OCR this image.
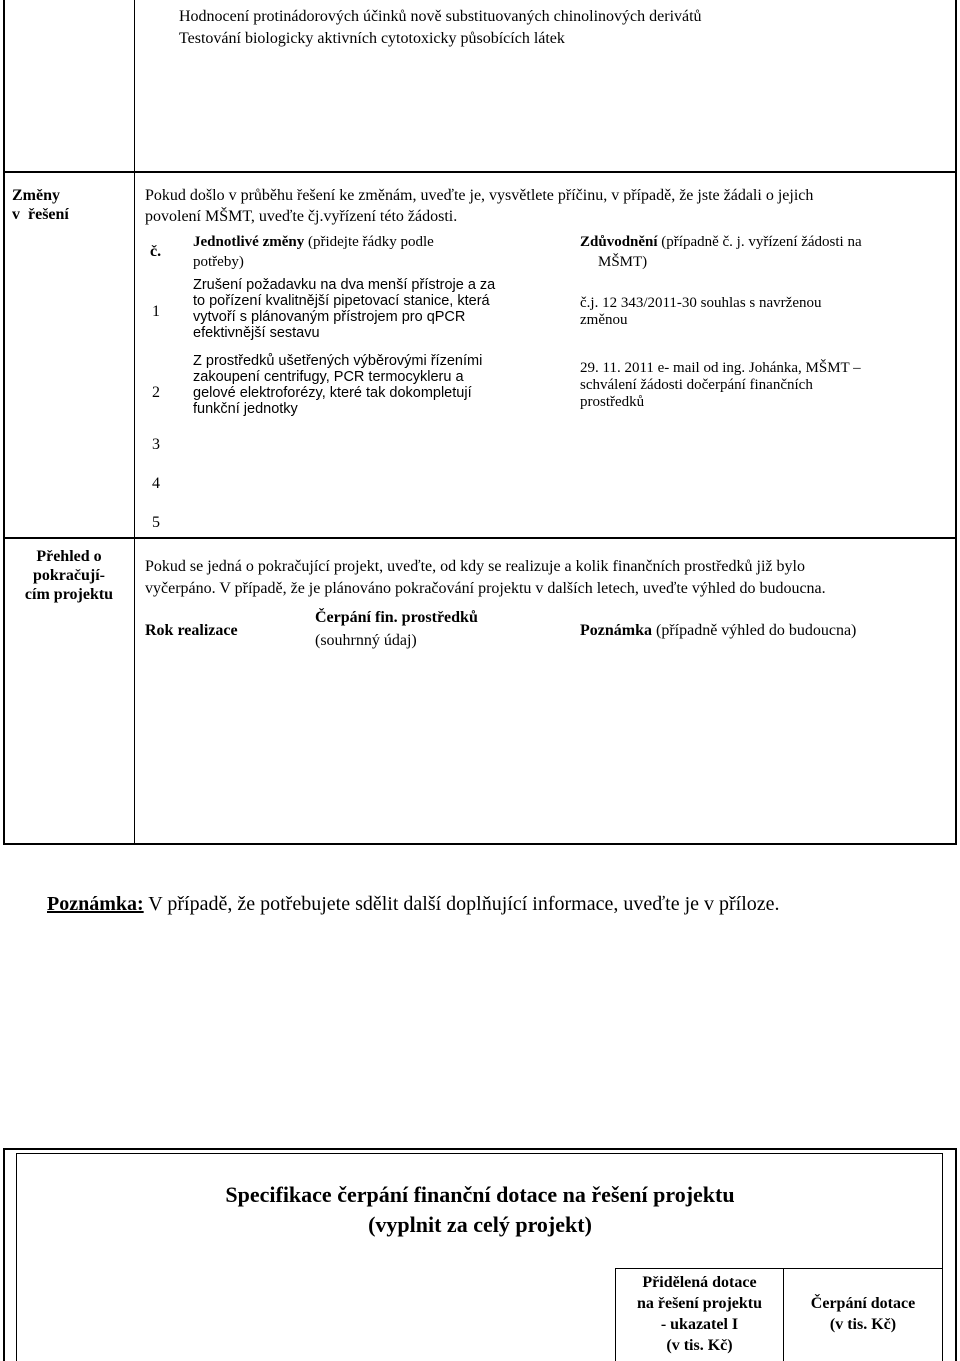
Hodnocení protinádorových účinků nově substituovaných chinolinových derivátů
Testování biologicky aktivních cytotoxicky působících látek
Změny
v  řešení
Pokud došlo v průběhu řešení ke změnám, uveďte je, vysvětlete příčinu, v případě, že jste žádali o jejich
povolení MŠMT, uveďte čj.vyřízení této žádosti.
č.
Jednotlivé změny (přidejte řádky podle
potřeby)
Zdůvodnění (případně č. j. vyřízení žádosti na
MŠMT)
1
Zrušení požadavku na dva menší přístroje a za
to pořízení kvalitnější pipetovací stanice, která
vytvoří s plánovaným přístrojem pro qPCR
efektivnější sestavu
č.j. 12 343/2011-30 souhlas s navrženou
změnou
2
Z prostředků ušetřených výběrovými řízeními
zakoupení centrifugy, PCR termocykleru a
gelové elektroforézy, které tak dokompletují
funkční jednotky
29. 11. 2011 e- mail od ing. Johánka, MŠMT –
schválení žádosti dočerpání finančních
prostředků
3
4
5
Přehled o
pokračují-
cím projektu
Pokud se jedná o pokračující projekt, uveďte, od kdy se realizuje a kolik finančních prostředků již bylo
vyčerpáno. V případě, že je plánováno pokračování projektu v dalších letech, uveďte výhled do budoucna.
Rok realizace
Čerpání fin. prostředků
(souhrnný údaj)
Poznámka (případně výhled do budoucna)
Poznámka: V případě, že potřebujete sdělit další doplňující informace, uveďte je v příloze.
Specifikace čerpání finanční dotace na řešení projektu
(vyplnit za celý projekt)
Přidělená dotace
na řešení projektu
- ukazatel I
(v tis. Kč)
Čerpání dotace
(v tis. Kč)
